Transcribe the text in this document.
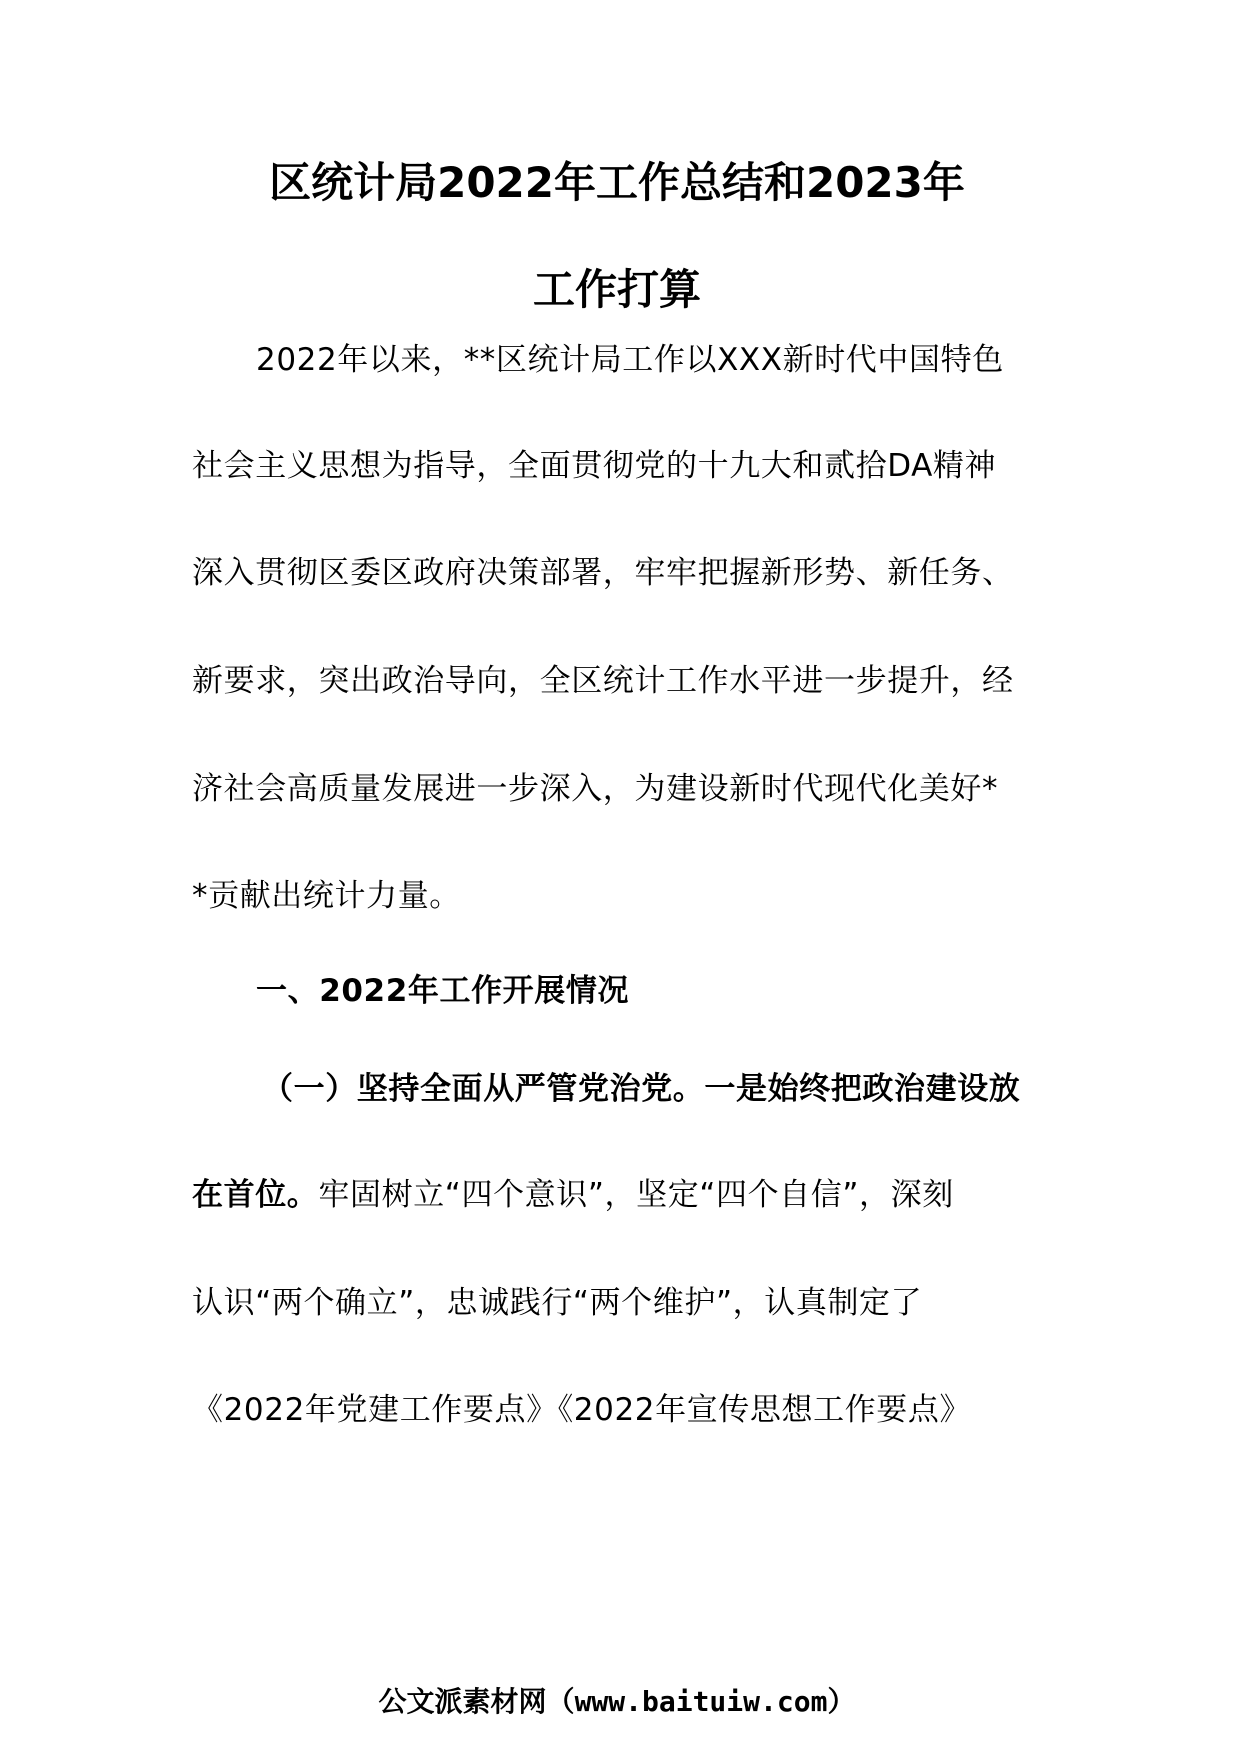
区统计局2022年工作总结和2023年
工作打算
2022年以来，**区统计局工作以XXX新时代中国特色
社会主义思想为指导，全面贯彻党的十九大和贰拾DA精神
深入贯彻区委区政府决策部署，牢牢把握新形势、新任务、
新要求，突出政治导向，全区统计工作水平进一步提升，经
济社会高质量发展进一步深入，为建设新时代现代化美好*
*贡献出统计力量。
一、2022年工作开展情况
（一）坚持全面从严管党治党。一是始终把政治建设放
在首位。牢固树立“四个意识”，坚定“四个自信”，深刻
认识“两个确立”，忠诚践行“两个维护”，认真制定了
《2022年党建工作要点》《2022年宣传思想工作要点》
公文派素材网（www.baituiw.com）
